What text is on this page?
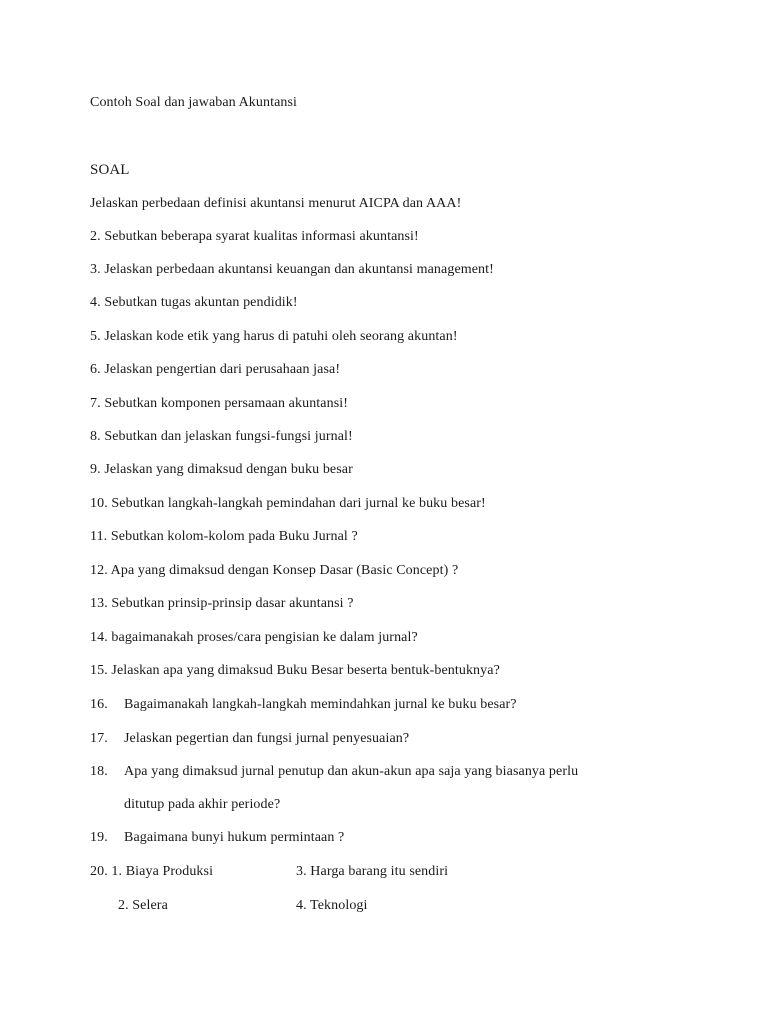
Contoh Soal dan jawaban Akuntansi
SOAL
Jelaskan perbedaan definisi akuntansi menurut AICPA dan AAA!
2. Sebutkan beberapa syarat kualitas informasi akuntansi!
3. Jelaskan perbedaan akuntansi keuangan dan akuntansi management!
4. Sebutkan tugas akuntan pendidik!
5. Jelaskan kode etik yang harus di patuhi oleh seorang akuntan!
6. Jelaskan pengertian dari perusahaan jasa!
7. Sebutkan komponen persamaan akuntansi!
8. Sebutkan dan jelaskan fungsi-fungsi jurnal!
9. Jelaskan yang dimaksud dengan buku besar
10. Sebutkan langkah-langkah pemindahan dari jurnal ke buku besar!
11. Sebutkan kolom-kolom pada Buku Jurnal ?
12. Apa yang dimaksud dengan Konsep Dasar (Basic Concept) ?
13. Sebutkan prinsip-prinsip dasar akuntansi ?
14. bagaimanakah proses/cara pengisian ke dalam jurnal?
15. Jelaskan apa yang dimaksud Buku Besar beserta bentuk-bentuknya?
16. Bagaimanakah langkah-langkah memindahkan jurnal ke buku besar?
17. Jelaskan pegertian dan fungsi jurnal penyesuaian?
18. Apa yang dimaksud jurnal penutup dan akun-akun apa saja yang biasanya perlu
ditutup pada akhir periode?
19. Bagaimana bunyi hukum permintaan ?
20. 1. Biaya Produksi	3. Harga barang itu sendiri
2. Selera	4. Teknologi
